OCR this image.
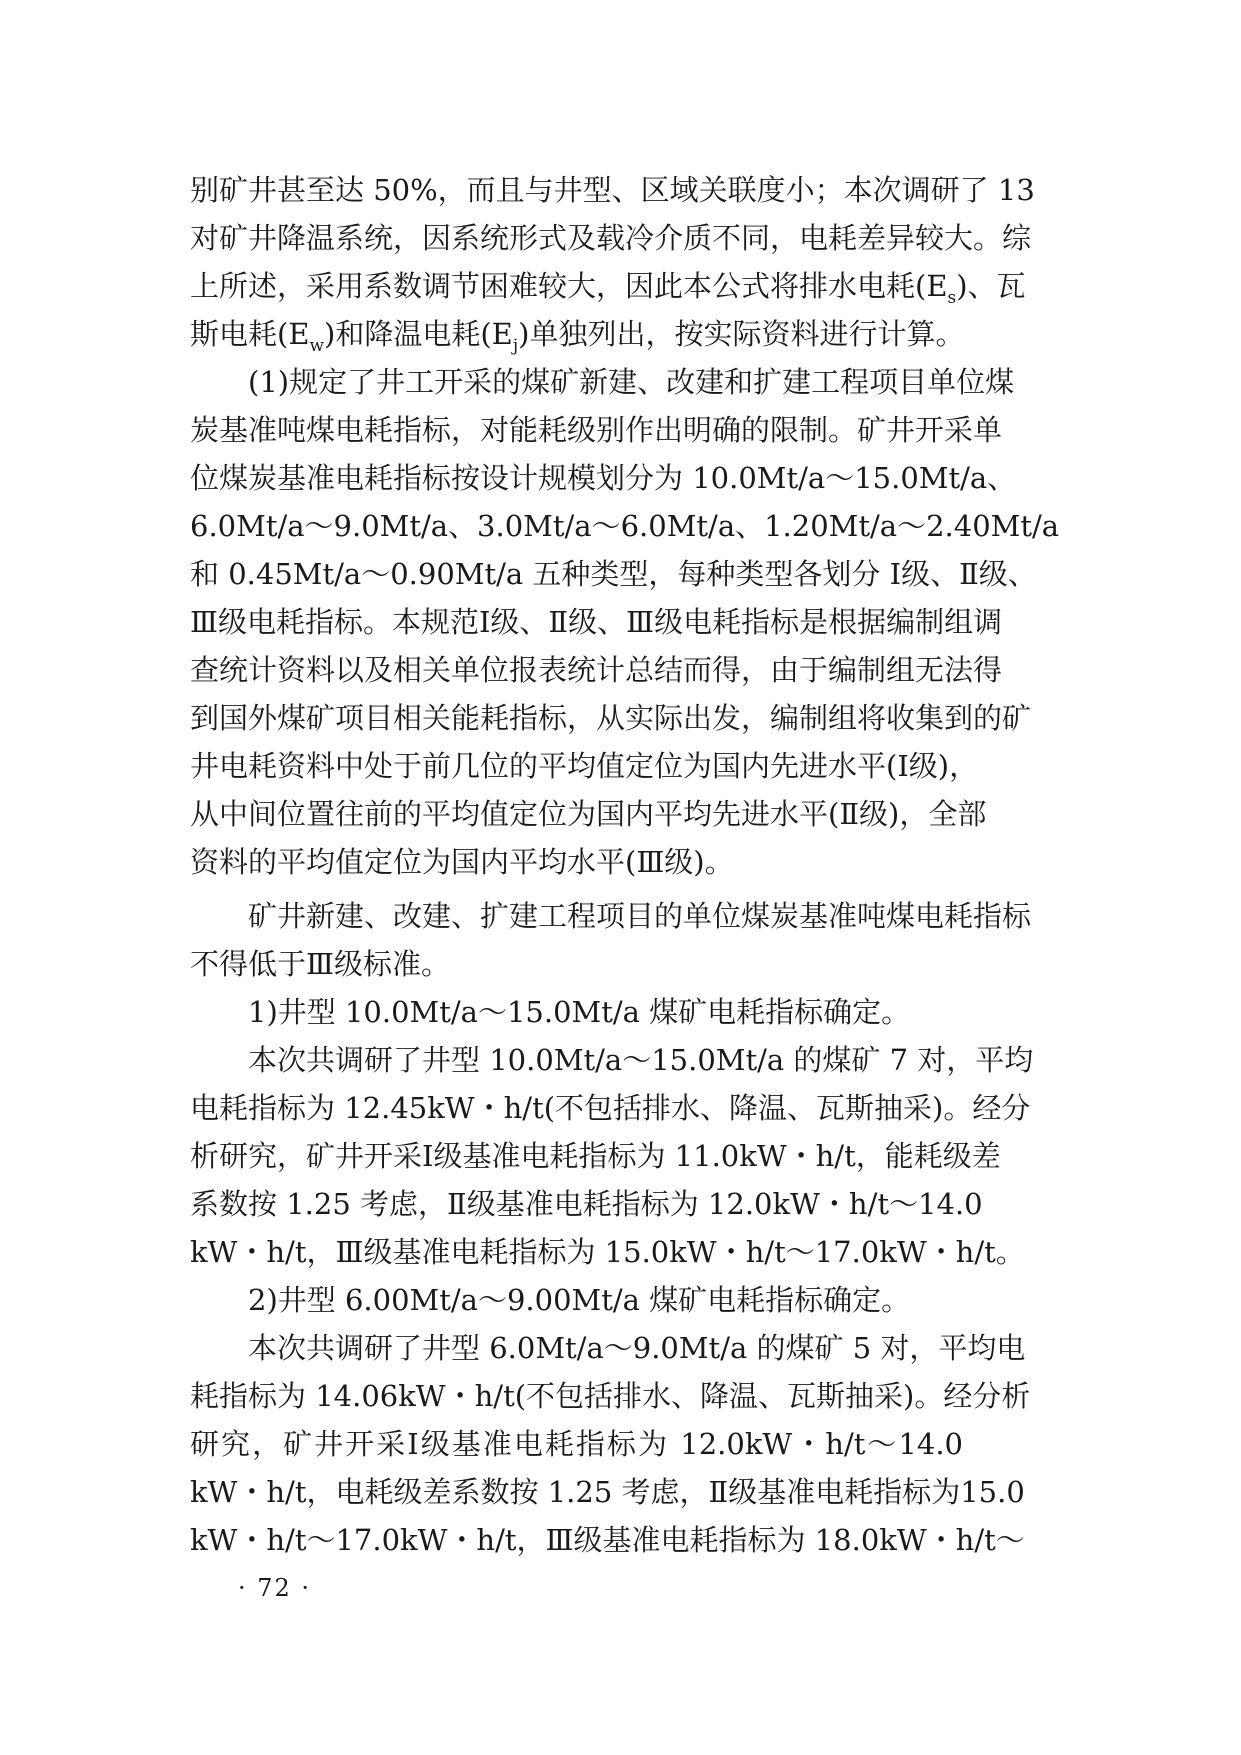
别矿井甚至达 50%，而且与井型、区域关联度小；本次调研了 13
对矿井降温系统，因系统形式及载冷介质不同，电耗差异较大。综
上所述，采用系数调节困难较大，因此本公式将排水电耗$(E_s)$、瓦
斯电耗$(E_w)$和降温电耗$(E_j)$单独列出，按实际资料进行计算。
(1)规定了井工开采的煤矿新建、改建和扩建工程项目单位煤
炭基准吨煤电耗指标，对能耗级别作出明确的限制。矿井开采单
位煤炭基准电耗指标按设计规模划分为 10.0Mt/a～15.0Mt/a、
6.0Mt/a～9.0Mt/a、3.0Mt/a～6.0Mt/a、1.20Mt/a～2.40Mt/a
和 0.45Mt/a～0.90Mt/a 五种类型，每种类型各划分 Ⅰ级、Ⅱ级、
Ⅲ级电耗指标。本规范Ⅰ级、Ⅱ级、Ⅲ级电耗指标是根据编制组调
查统计资料以及相关单位报表统计总结而得，由于编制组无法得
到国外煤矿项目相关能耗指标，从实际出发，编制组将收集到的矿
井电耗资料中处于前几位的平均值定位为国内先进水平(Ⅰ级)，
从中间位置往前的平均值定位为国内平均先进水平(Ⅱ级)，全部
资料的平均值定位为国内平均水平(Ⅲ级)。
矿井新建、改建、扩建工程项目的单位煤炭基准吨煤电耗指标
不得低于Ⅲ级标准。
1)井型 10.0Mt/a～15.0Mt/a 煤矿电耗指标确定。
本次共调研了井型 10.0Mt/a～15.0Mt/a 的煤矿 7 对，平均
电耗指标为 12.45kW・h/t(不包括排水、降温、瓦斯抽采)。经分
析研究，矿井开采Ⅰ级基准电耗指标为 11.0kW・h/t，能耗级差
系数按 1.25 考虑，Ⅱ级基准电耗指标为 12.0kW・h/t～14.0
kW・h/t，Ⅲ级基准电耗指标为 15.0kW・h/t～17.0kW・h/t。
2)井型 6.00Mt/a～9.00Mt/a 煤矿电耗指标确定。
本次共调研了井型 6.0Mt/a～9.0Mt/a 的煤矿 5 对，平均电
耗指标为 14.06kW・h/t(不包括排水、降温、瓦斯抽采)。经分析
研究，矿井开采Ⅰ级基准电耗指标为 12.0kW・h/t～14.0
kW・h/t，电耗级差系数按 1.25 考虑，Ⅱ级基准电耗指标为15.0
kW・h/t～17.0kW・h/t，Ⅲ级基准电耗指标为 18.0kW・h/t～
· 72 ·
